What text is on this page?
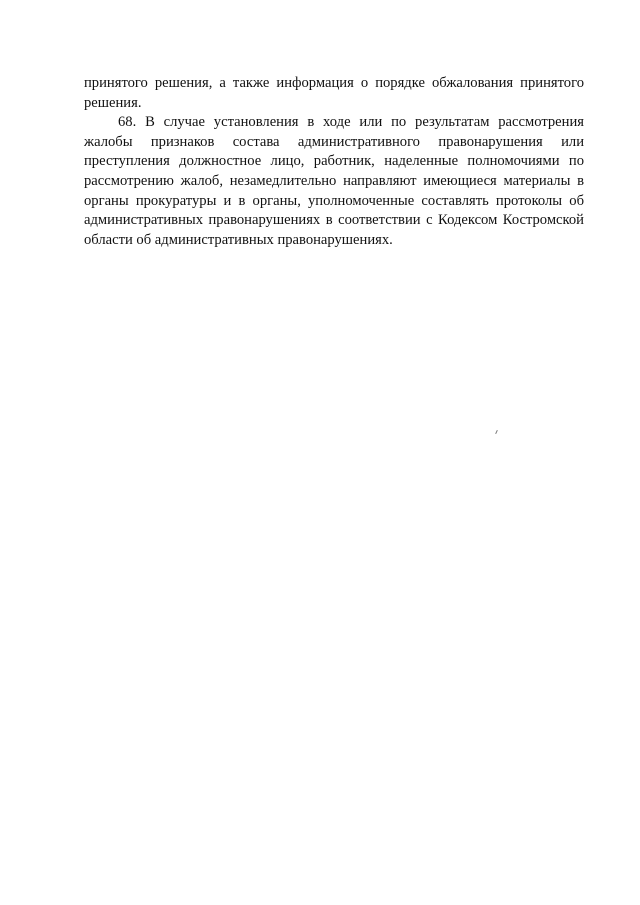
принятого решения, а также информация о порядке обжалования принятого решения.

68. В случае установления в ходе или по результатам рассмотрения жалобы признаков состава административного правонарушения или преступления должностное лицо, работник, наделенные полномочиями по рассмотрению жалоб, незамедлительно направляют имеющиеся материалы в органы прокуратуры и в органы, уполномоченные составлять протоколы об административных правонарушениях в соответствии с Кодексом Костромской области об административных правонарушениях.
